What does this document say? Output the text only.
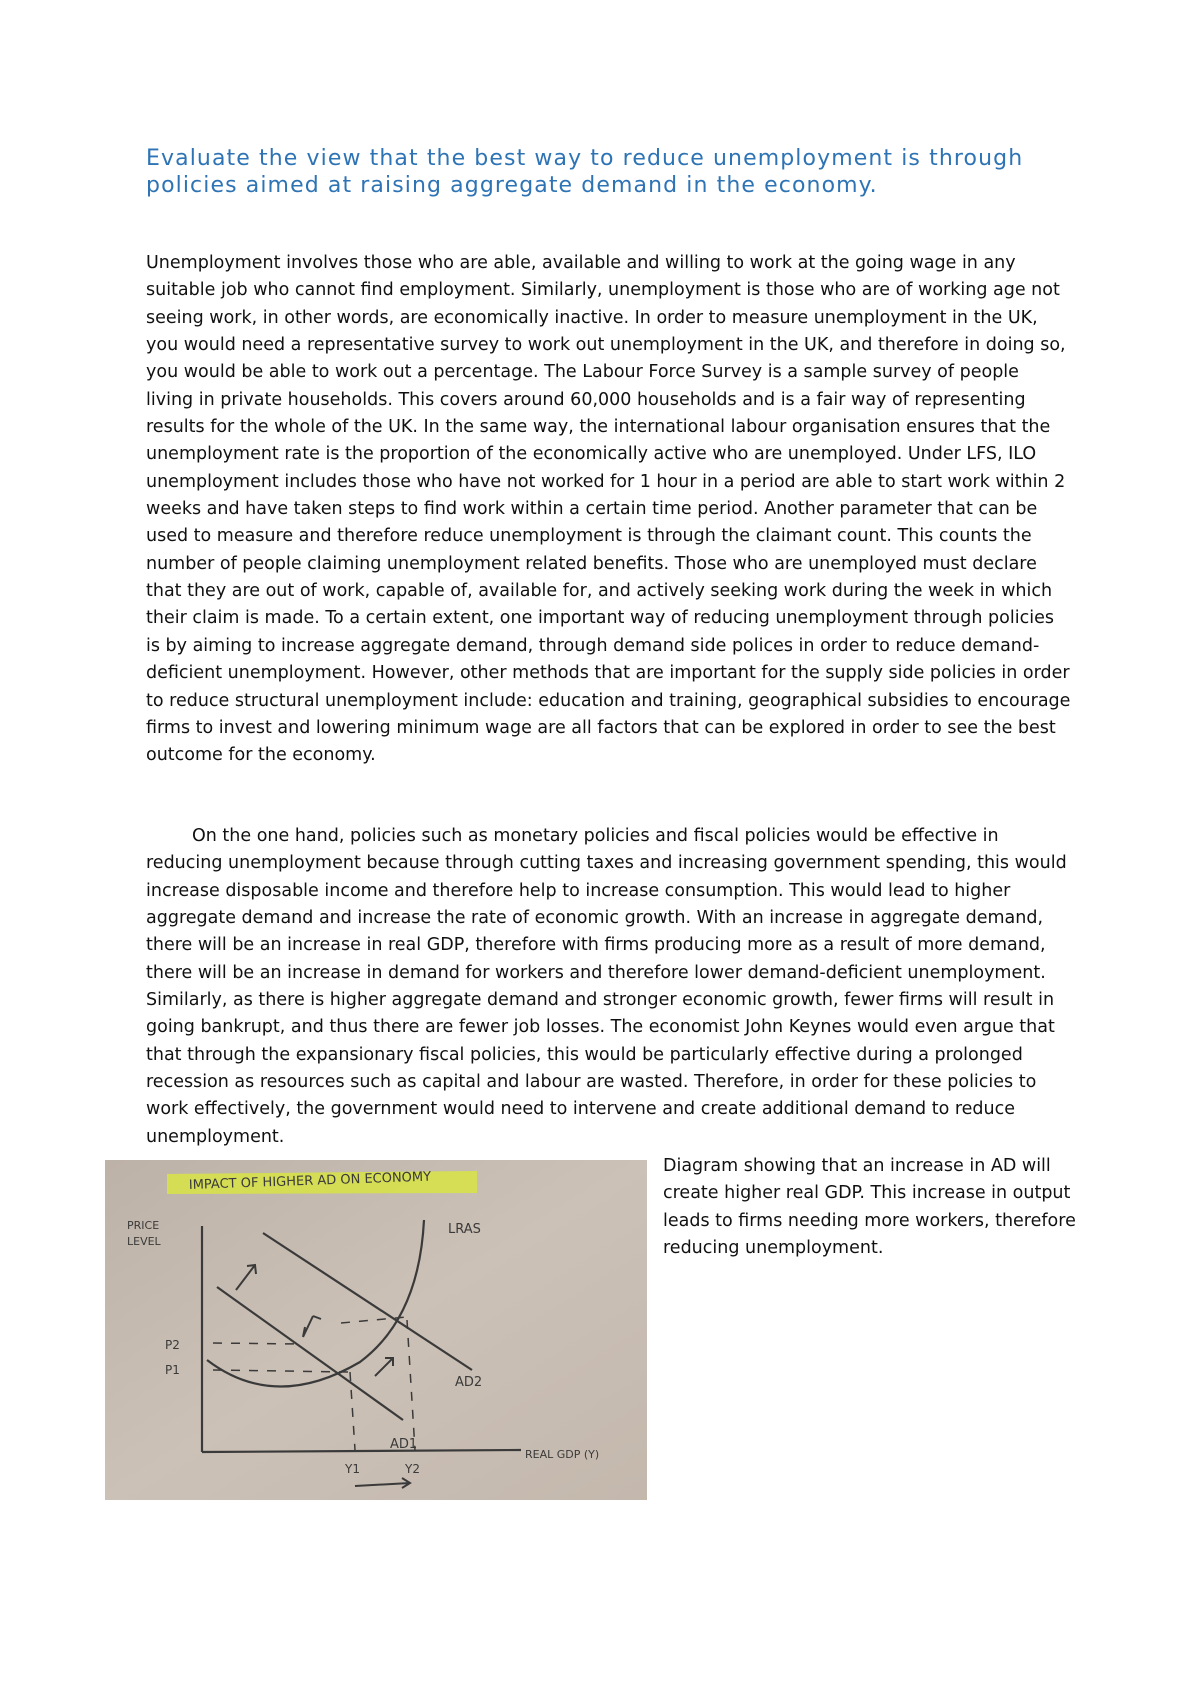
Evaluate the view that the best way to reduce unemployment is through policies aimed at raising aggregate demand in the economy.

Unemployment involves those who are able, available and willing to work at the going wage in any suitable job who cannot find employment. Similarly, unemployment is those who are of working age not seeing work, in other words, are economically inactive. In order to measure unemployment in the UK, you would need a representative survey to work out unemployment in the UK, and therefore in doing so, you would be able to work out a percentage. The Labour Force Survey is a sample survey of people living in private households. This covers around 60,000 households and is a fair way of representing results for the whole of the UK. In the same way, the international labour organisation ensures that the unemployment rate is the proportion of the economically active who are unemployed. Under LFS, ILO unemployment includes those who have not worked for 1 hour in a period are able to start work within 2 weeks and have taken steps to find work within a certain time period. Another parameter that can be used to measure and therefore reduce unemployment is through the claimant count. This counts the number of people claiming unemployment related benefits. Those who are unemployed must declare that they are out of work, capable of, available for, and actively seeking work during the week in which their claim is made. To a certain extent, one important way of reducing unemployment through policies is by aiming to increase aggregate demand, through demand side polices in order to reduce demand-deficient unemployment. However, other methods that are important for the supply side policies in order to reduce structural unemployment include: education and training, geographical subsidies to encourage firms to invest and lowering minimum wage are all factors that can be explored in order to see the best outcome for the economy.

On the one hand, policies such as monetary policies and fiscal policies would be effective in reducing unemployment because through cutting taxes and increasing government spending, this would increase disposable income and therefore help to increase consumption. This would lead to higher aggregate demand and increase the rate of economic growth. With an increase in aggregate demand, there will be an increase in real GDP, therefore with firms producing more as a result of more demand, there will be an increase in demand for workers and therefore lower demand-deficient unemployment. Similarly, as there is higher aggregate demand and stronger economic growth, fewer firms will result in going bankrupt, and thus there are fewer job losses. The economist John Keynes would even argue that that through the expansionary fiscal policies, this would be particularly effective during a prolonged recession as resources such as capital and labour are wasted. Therefore, in order for these policies to work effectively, the government would need to intervene and create additional demand to reduce unemployment.

IMPACT OF HIGHER AD ON ECONOMY
PRICE
LEVEL
REAL GDP (Y)
LRAS
AD1
AD2
P2
P1
Y1	Y2

Diagram showing that an increase in AD will create higher real GDP. This increase in output leads to firms needing more workers, therefore reducing unemployment.
